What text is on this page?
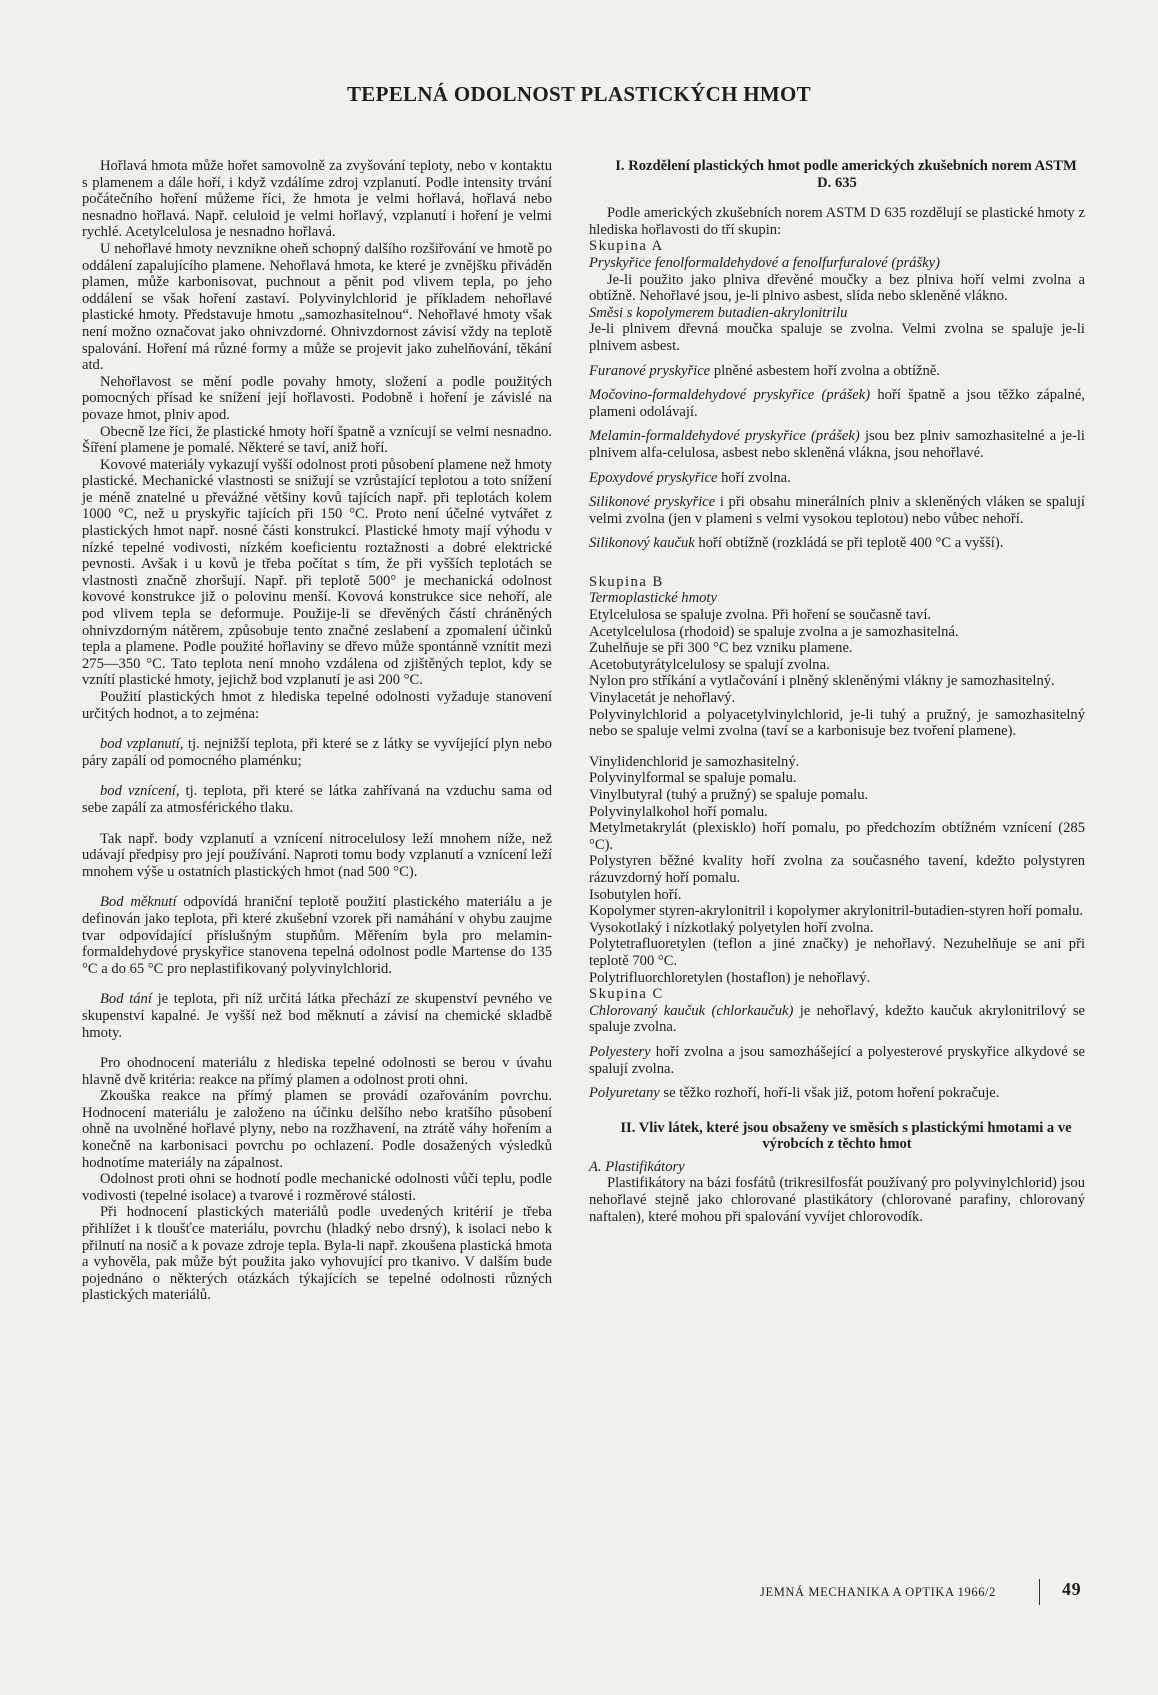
TEPELNÁ ODOLNOST PLASTICKÝCH HMOT

Hořlavá hmota může hořet samovolně za zvyšování teploty, nebo v kontaktu s plamenem a dále hoří, i když vzdálíme zdroj vzplanutí. Podle intensity trvání počátečního hoření můžeme říci, že hmota je velmi hořlavá, hořlavá nebo nesnadno hořlavá. Např. celuloid je velmi hořlavý, vzplanutí i hoření je velmi rychlé. Acetylcelulosa je nesnadno hořlavá.

U nehořlavé hmoty nevznikne oheň schopný dalšího rozšiřování ve hmotě po oddálení zapalujícího plamene. Nehořlavá hmota, ke které je zvnějšku přiváděn plamen, může karbonisovat, puchnout a pěnit pod vlivem tepla, po jeho oddálení se však hoření zastaví. Polyvinylchlorid je příkladem nehořlavé plastické hmoty. Představuje hmotu „samozhasitelnou“. Nehořlavé hmoty však není možno označovat jako ohnivzdorné. Ohnivzdornost závisí vždy na teplotě spalování. Hoření má různé formy a může se projevit jako zuhelňování, těkání atd.

Nehořlavost se mění podle povahy hmoty, složení a podle použitých pomocných přísad ke snížení její hořlavosti. Podobně i hoření je závislé na povaze hmot, plniv apod.

Obecně lze říci, že plastické hmoty hoří špatně a vznícují se velmi nesnadno. Šíření plamene je pomalé. Některé se taví, aniž hoří.

Kovové materiály vykazují vyšší odolnost proti působení plamene než hmoty plastické. Mechanické vlastnosti se snižují se vzrůstající teplotou a toto snížení je méně znatelné u převážné většiny kovů tajících např. při teplotách kolem 1000 °C, než u pryskyřic tajících při 150 °C. Proto není účelné vytvářet z plastických hmot např. nosné části konstrukcí. Plastické hmoty mají výhodu v nízké tepelné vodivosti, nízkém koeficientu roztažnosti a dobré elektrické pevnosti. Avšak i u kovů je třeba počítat s tím, že při vyšších teplotách se vlastnosti značně zhoršují. Např. při teplotě 500° je mechanická odolnost kovové konstrukce již o polovinu menší. Kovová konstrukce sice nehoří, ale pod vlivem tepla se deformuje. Použije-li se dřevěných částí chráněných ohnivzdorným nátěrem, způsobuje tento značné zeslabení a zpomalení účinků tepla a plamene. Podle použité hořlaviny se dřevo může spontánně vznítit mezi 275—350 °C. Tato teplota není mnoho vzdálena od zjištěných teplot, kdy se vznítí plastické hmoty, jejichž bod vzplanutí je asi 200 °C.

Použití plastických hmot z hlediska tepelné odolnosti vyžaduje stanovení určitých hodnot, a to zejména:

bod vzplanutí, tj. nejnižší teplota, při které se z látky se vyvíjející plyn nebo páry zapálí od pomocného plaménku;

bod vznícení, tj. teplota, při které se látka zahřívaná na vzduchu sama od sebe zapálí za atmosférického tlaku.

Tak např. body vzplanutí a vznícení nitrocelulosy leží mnohem níže, než udávají předpisy pro její používání. Naproti tomu body vzplanutí a vznícení leží mnohem výše u ostatních plastických hmot (nad 500 °C).

Bod měknutí odpovídá hraniční teplotě použití plastického materiálu a je definován jako teplota, při které zkušební vzorek při namáhání v ohybu zaujme tvar odpovídající příslušným stupňům. Měřením byla pro melamin-formaldehydové pryskyřice stanovena tepelná odolnost podle Martense do 135 °C a do 65 °C pro neplastifikovaný polyvinylchlorid.

Bod tání je teplota, při níž určitá látka přechází ze skupenství pevného ve skupenství kapalné. Je vyšší než bod měknutí a závisí na chemické skladbě hmoty.

Pro ohodnocení materiálu z hlediska tepelné odolnosti se berou v úvahu hlavně dvě kritéria: reakce na přímý plamen a odolnost proti ohni.

Zkouška reakce na přímý plamen se provádí ozařováním povrchu. Hodnocení materiálu je založeno na účinku delšího nebo kratšího působení ohně na uvolněné hořlavé plyny, nebo na rozžhavení, na ztrátě váhy hořením a konečně na karbonisaci povrchu po ochlazení. Podle dosažených výsledků hodnotíme materiály na zápalnost.

Odolnost proti ohni se hodnotí podle mechanické odolnosti vůči teplu, podle vodivosti (tepelné isolace) a tvarové i rozměrové stálosti.

Při hodnocení plastických materiálů podle uvedených kritérií je třeba přihlížet i k tloušťce materiálu, povrchu (hladký nebo drsný), k isolaci nebo k přilnutí na nosič a k povaze zdroje tepla. Byla-li např. zkoušena plastická hmota a vyhověla, pak může být použita jako vyhovující pro tkanivo. V dalším bude pojednáno o některých otázkách týkajících se tepelné odolnosti různých plastických materiálů.

I. Rozdělení plastických hmot podle amerických zkušebních norem ASTM D. 635

Podle amerických zkušebních norem ASTM D 635 rozdělují se plastické hmoty z hlediska hořlavosti do tří skupin:

Skupina A

Pryskyřice fenolformaldehydové a fenolfurfuralové (prášky)

Je-li použito jako plniva dřevěné moučky a bez plniva hoří velmi zvolna a obtížně. Nehořlavé jsou, je-li plnivo asbest, slída nebo skleněné vlákno.

Směsi s kopolymerem butadien-akrylonitrilu

Je-li plnivem dřevná moučka spaluje se zvolna. Velmi zvolna se spaluje je-li plnivem asbest.

Furanové pryskyřice plněné asbestem hoří zvolna a obtížně.

Močovino-formaldehydové pryskyřice (prášek) hoří špatně a jsou těžko zápalné, plameni odolávají.

Melamin-formaldehydové pryskyřice (prášek) jsou bez plniv samozhasitelné a je-li plnivem alfa-celulosa, asbest nebo skleněná vlákna, jsou nehořlavé.

Epoxydové pryskyřice hoří zvolna.

Silikonové pryskyřice i při obsahu minerálních plniv a skleněných vláken se spalují velmi zvolna (jen v plameni s velmi vysokou teplotou) nebo vůbec nehoří.

Silikonový kaučuk hoří obtížně (rozkládá se při teplotě 400 °C a vyšší).

Skupina B

Termoplastické hmoty

Etylcelulosa se spaluje zvolna. Při hoření se současně taví.

Acetylcelulosa (rhodoid) se spaluje zvolna a je samozhasitelná.

Zuhelňuje se při 300 °C bez vzniku plamene.

Acetobutyrátylcelulosy se spalují zvolna.

Nylon pro stříkání a vytlačování i plněný skleněnými vlákny je samozhasitelný.

Vinylacetát je nehořlavý.

Polyvinylchlorid a polyacetylvinylchlorid, je-li tuhý a pružný, je samozhasitelný nebo se spaluje velmi zvolna (taví se a karbonisuje bez tvoření plamene).

Vinylidenchlorid je samozhasitelný.

Polyvinylformal se spaluje pomalu.

Vinylbutyral (tuhý a pružný) se spaluje pomalu.

Polyvinylalkohol hoří pomalu.

Metylmetakrylát (plexisklo) hoří pomalu, po předchozím obtížném vznícení (285 °C).

Polystyren běžné kvality hoří zvolna za současného tavení, kdežto polystyren rázuvzdorný hoří pomalu.

Isobutylen hoří.

Kopolymer styren-akrylonitril i kopolymer akrylonitril-butadien-styren hoří pomalu.

Vysokotlaký i nízkotlaký polyetylen hoří zvolna.

Polytetrafluoretylen (teflon a jiné značky) je nehořlavý. Nezuhelňuje se ani při teplotě 700 °C.

Polytrifluorchloretylen (hostaflon) je nehořlavý.

Skupina C

Chlorovaný kaučuk (chlorkaučuk) je nehořlavý, kdežto kaučuk akrylonitrilový se spaluje zvolna.

Polyestery hoří zvolna a jsou samozhášející a polyesterové pryskyřice alkydové se spalují zvolna.

Polyuretany se těžko rozhoří, hoří-li však již, potom hoření pokračuje.

II. Vliv látek, které jsou obsaženy ve směsích s plastickými hmotami a ve výrobcích z těchto hmot

A. Plastifikátory

Plastifikátory na bázi fosfátů (trikresilfosfát používaný pro polyvinylchlorid) jsou nehořlavé stejně jako chlorované plastikátory (chlorované parafiny, chlorovaný naftalen), které mohou při spalování vyvíjet chlorovodík.

JEMNÁ MECHANIKA A OPTIKA 1966/2	49
